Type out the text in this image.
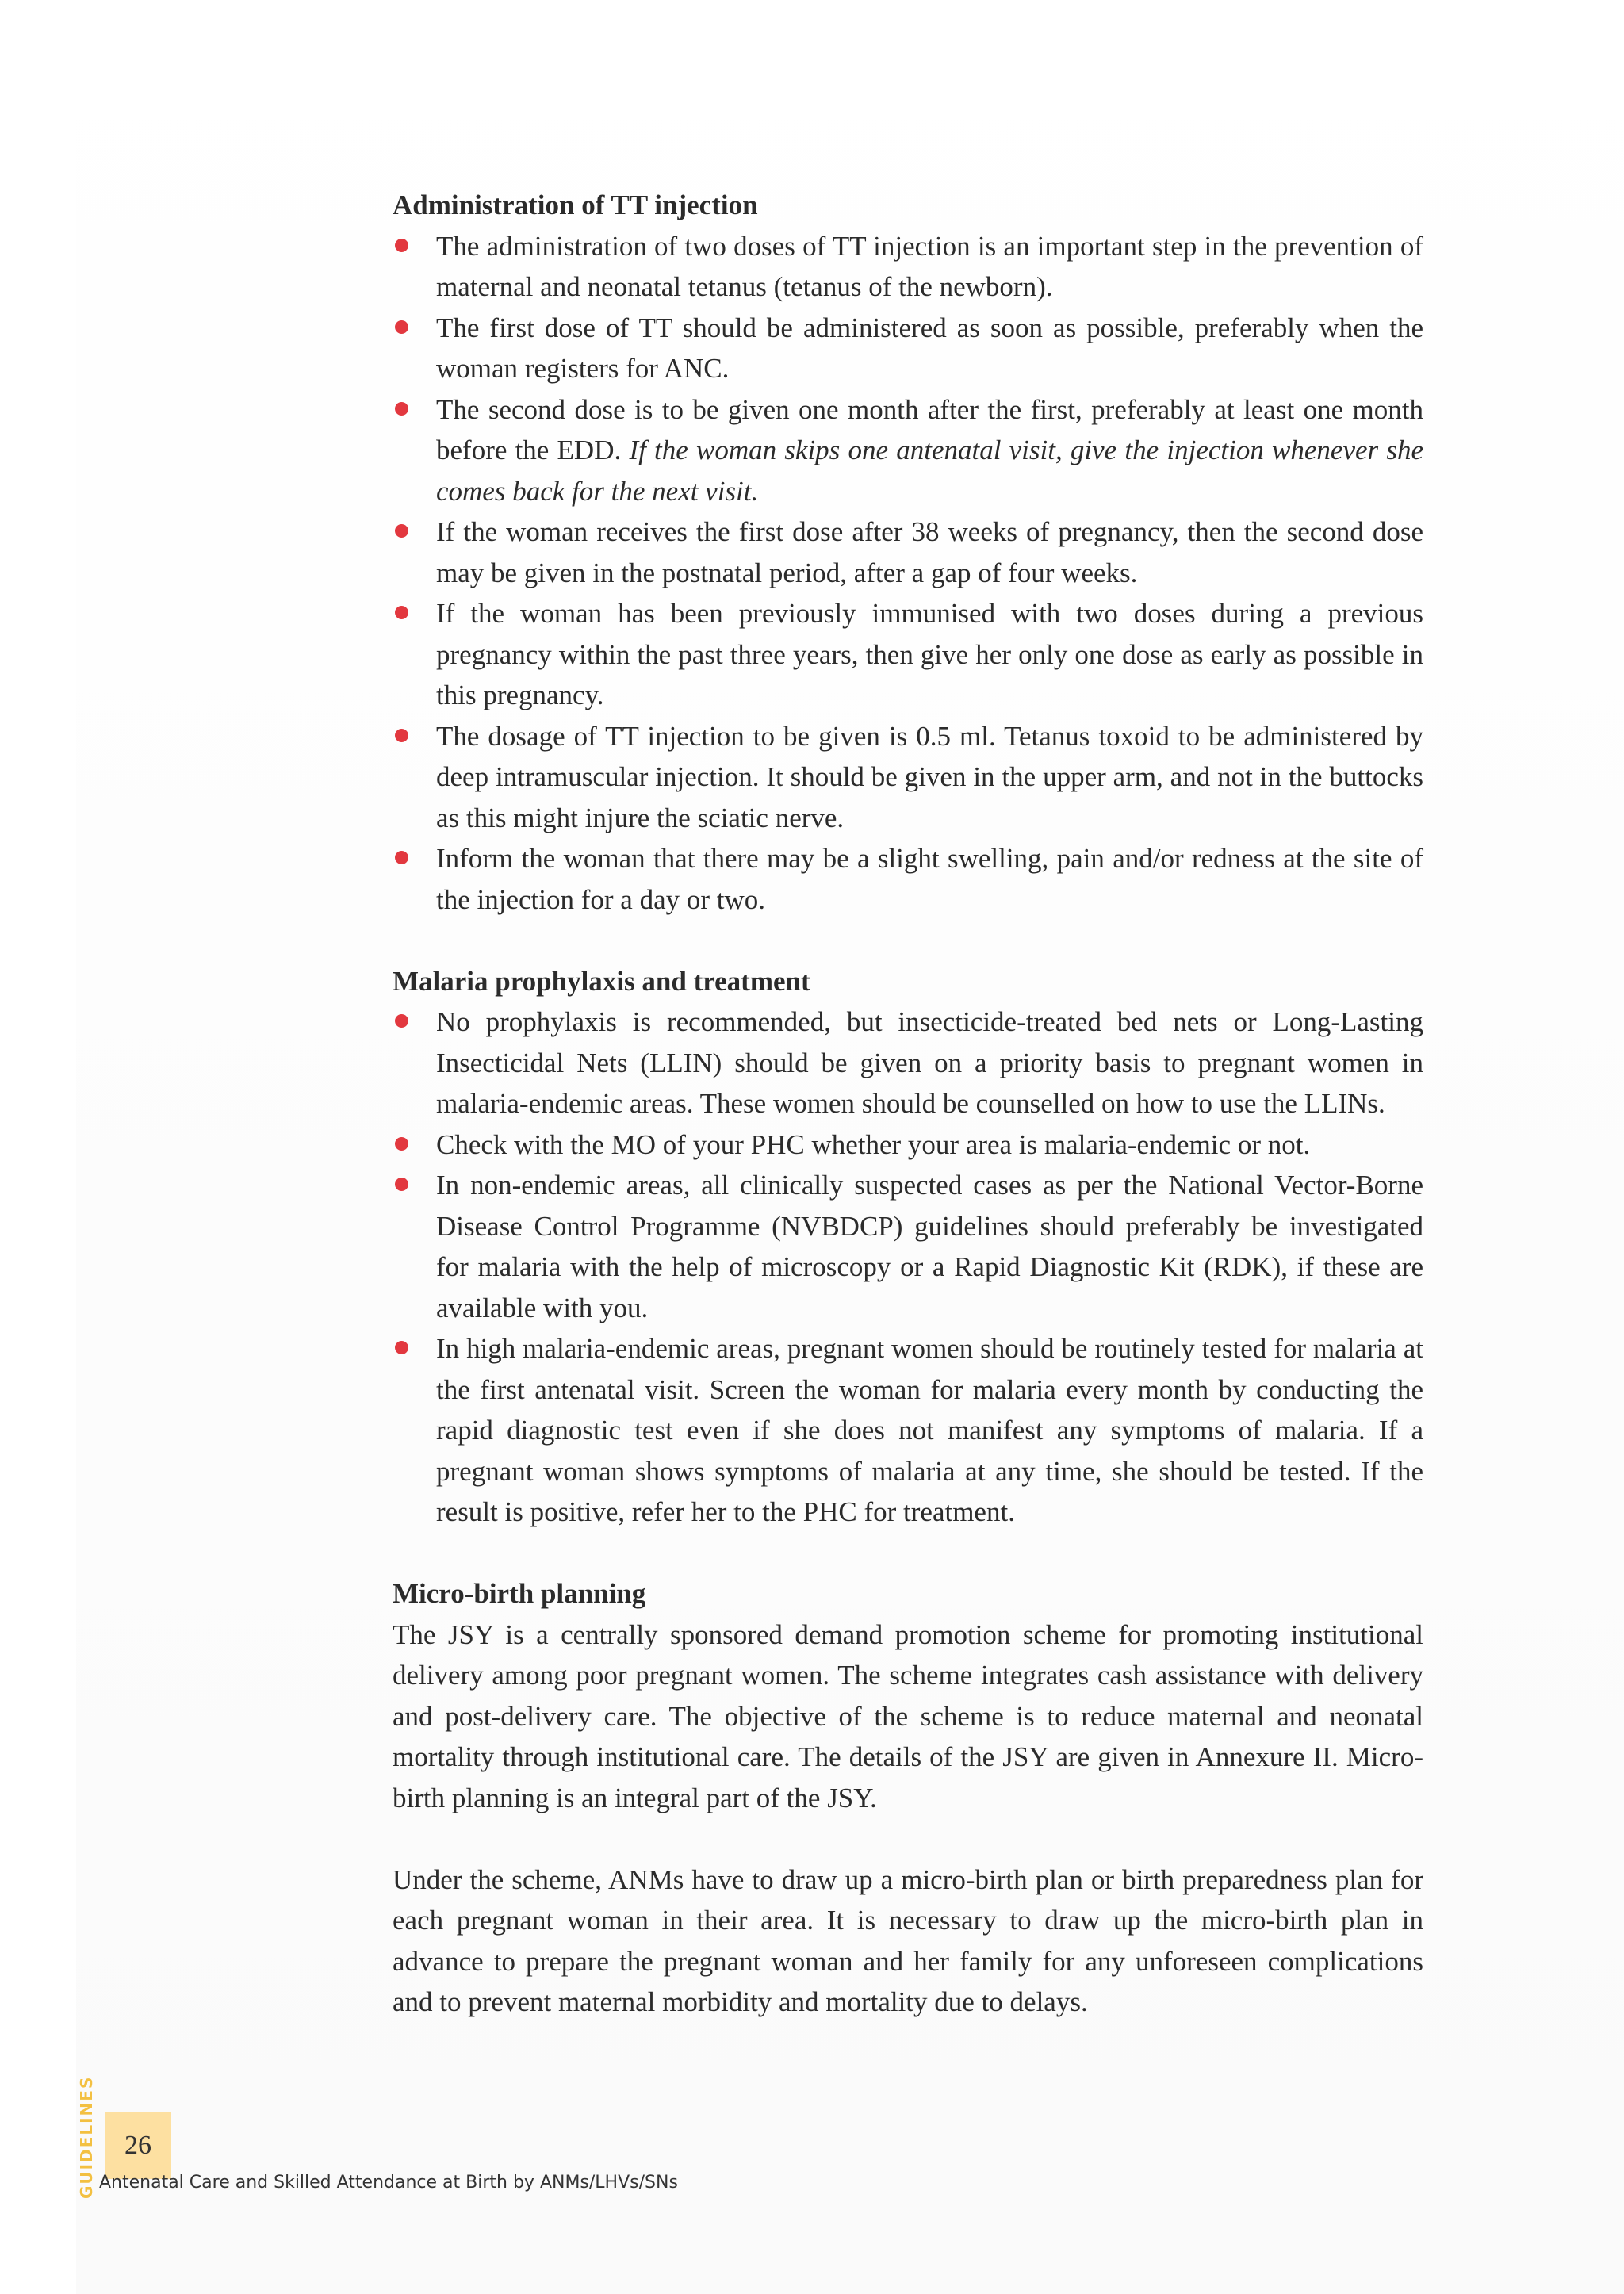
Administration of TT injection
The administration of two doses of TT injection is an important step in the prevention of maternal and neonatal tetanus (tetanus of the newborn).
The first dose of TT should be administered as soon as possible, preferably when the woman registers for ANC.
The second dose is to be given one month after the first, preferably at least one month before the EDD. If the woman skips one antenatal visit, give the injection whenever she comes back for the next visit.
If the woman receives the first dose after 38 weeks of pregnancy, then the second dose may be given in the postnatal period, after a gap of four weeks.
If the woman has been previously immunised with two doses during a previous pregnancy within the past three years, then give her only one dose as early as possible in this pregnancy.
The dosage of TT injection to be given is 0.5 ml. Tetanus toxoid to be administered by deep intramuscular injection. It should be given in the upper arm, and not in the buttocks as this might injure the sciatic nerve.
Inform the woman that there may be a slight swelling, pain and/or redness at the site of the injection for a day or two.
Malaria prophylaxis and treatment
No prophylaxis is recommended, but insecticide-treated bed nets or Long-Lasting Insecticidal Nets (LLIN) should be given on a priority basis to pregnant women in malaria-endemic areas. These women should be counselled on how to use the LLINs.
Check with the MO of your PHC whether your area is malaria-endemic or not.
In non-endemic areas, all clinically suspected cases as per the National Vector-Borne Disease Control Programme (NVBDCP) guidelines should preferably be investigated for malaria with the help of microscopy or a Rapid Diagnostic Kit (RDK), if these are available with you.
In high malaria-endemic areas, pregnant women should be routinely tested for malaria at the first antenatal visit. Screen the woman for malaria every month by conducting the rapid diagnostic test even if she does not manifest any symptoms of malaria. If a pregnant woman shows symptoms of malaria at any time, she should be tested. If the result is positive, refer her to the PHC for treatment.
Micro-birth planning

The JSY is a centrally sponsored demand promotion scheme for promoting institutional delivery among poor pregnant women. The scheme integrates cash assistance with delivery and post-delivery care. The objective of the scheme is to reduce maternal and neonatal mortality through institutional care. The details of the JSY are given in Annexure II. Micro-birth planning is an integral part of the JSY.

Under the scheme, ANMs have to draw up a micro-birth plan or birth preparedness plan for each pregnant woman in their area. It is necessary to draw up the micro-birth plan in advance to prepare the pregnant woman and her family for any unforeseen complications and to prevent maternal morbidity and mortality due to delays.

GUIDELINES	26
Antenatal Care and Skilled Attendance at Birth by ANMs/LHVs/SNs
